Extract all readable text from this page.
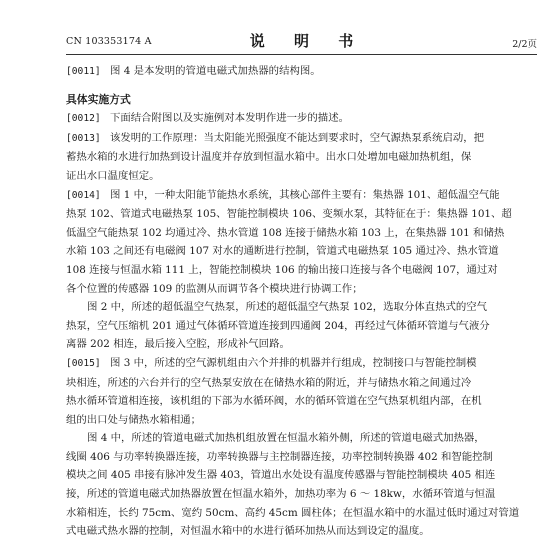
CN 103353174 A	说 明 书	2/2页
[0011] 图 4 是本发明的管道电磁式加热器的结构图。
具体实施方式
[0012] 下面结合附图以及实施例对本发明作进一步的描述。
[0013] 该发明的工作原理：当太阳能光照强度不能达到要求时，空气源热泵系统启动，把
蓄热水箱的水进行加热到设计温度并存放到恒温水箱中。出水口处增加电磁加热机组，保
证出水口温度恒定。
[0014] 图 1 中，一种太阳能节能热水系统，其核心部件主要有：集热器 101、超低温空气能
热泵 102、管道式电磁热泵 105、智能控制模块 106、变频水泵，其特征在于：集热器 101、超
低温空气能热泵 102 均通过冷、热水管道 108 连接于储热水箱 103 上，在集热器 101 和储热
水箱 103 之间还有电磁阀 107 对水的通断进行控制，管道式电磁热泵 105 通过冷、热水管道
108 连接与恒温水箱 111 上，智能控制模块 106 的输出接口连接与各个电磁阀 107，通过对
各个位置的传感器 109 的监测从而调节各个模块进行协调工作；
图 2 中，所述的超低温空气热泵，所述的超低温空气热泵 102，选取分体直热式的空气
热泵，空气压缩机 201 通过气体循环管道连接到四通阀 204，再经过气体循环管道与气液分
离器 202 相连，最后接入空腔，形成补气回路。
[0015] 图 3 中，所述的空气源机组由六个并排的机器并行组成，控制接口与智能控制模
块相连，所述的六台并行的空气热泵安放在在储热水箱的附近，并与储热水箱之间通过冷
热水循环管道相连接，该机组的下部为水循环阀，水的循环管道在空气热泵机组内部，在机
组的出口处与储热水箱相通；
图 4 中，所述的管道电磁式加热机组放置在恒温水箱外侧，所述的管道电磁式加热器，
线圈 406 与功率转换器连接，功率转换器与主控制器连接，功率控制转换器 402 和智能控制
模块之间 405 串接有脉冲发生器 403，管道出水处设有温度传感器与智能控制模块 405 相连
接，所述的管道电磁式加热器放置在恒温水箱外，加热功率为 6 ～ 18kw，水循环管道与恒温
水箱相连，长约 75cm、宽约 50cm、高约 45cm 圆柱体；在恒温水箱中的水温过低时通过对管道
式电磁式热水器的控制，对恒温水箱中的水进行循环加热从而达到设定的温度。
